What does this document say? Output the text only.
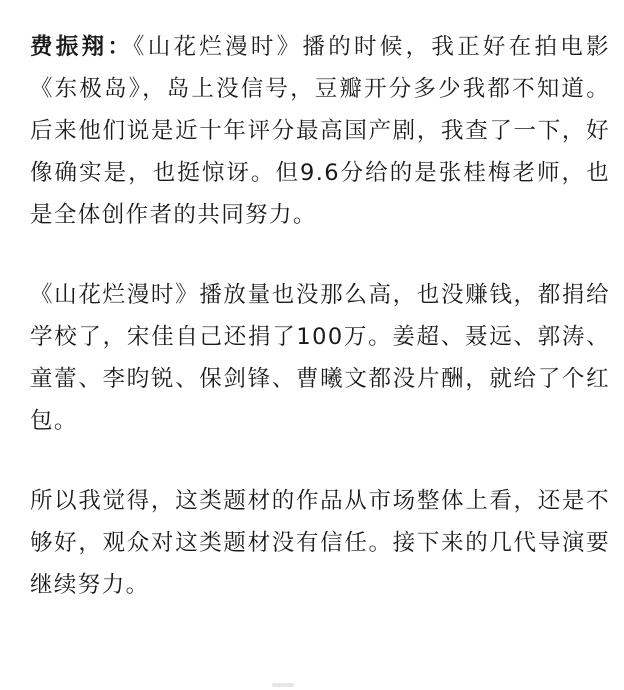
费振翔：《山花烂漫时》播的时候，我正好在拍电影《东极岛》，岛上没信号，豆瓣开分多少我都不知道。后来他们说是近十年评分最高国产剧，我查了一下，好像确实是，也挺惊讶。但9.6分给的是张桂梅老师，也是全体创作者的共同努力。

《山花烂漫时》播放量也没那么高，也没赚钱，都捐给学校了，宋佳自己还捐了100万。姜超、聂远、郭涛、童蕾、李昀锐、保剑锋、曹曦文都没片酬，就给了个红包。

所以我觉得，这类题材的作品从市场整体上看，还是不够好，观众对这类题材没有信任。接下来的几代导演要继续努力。
